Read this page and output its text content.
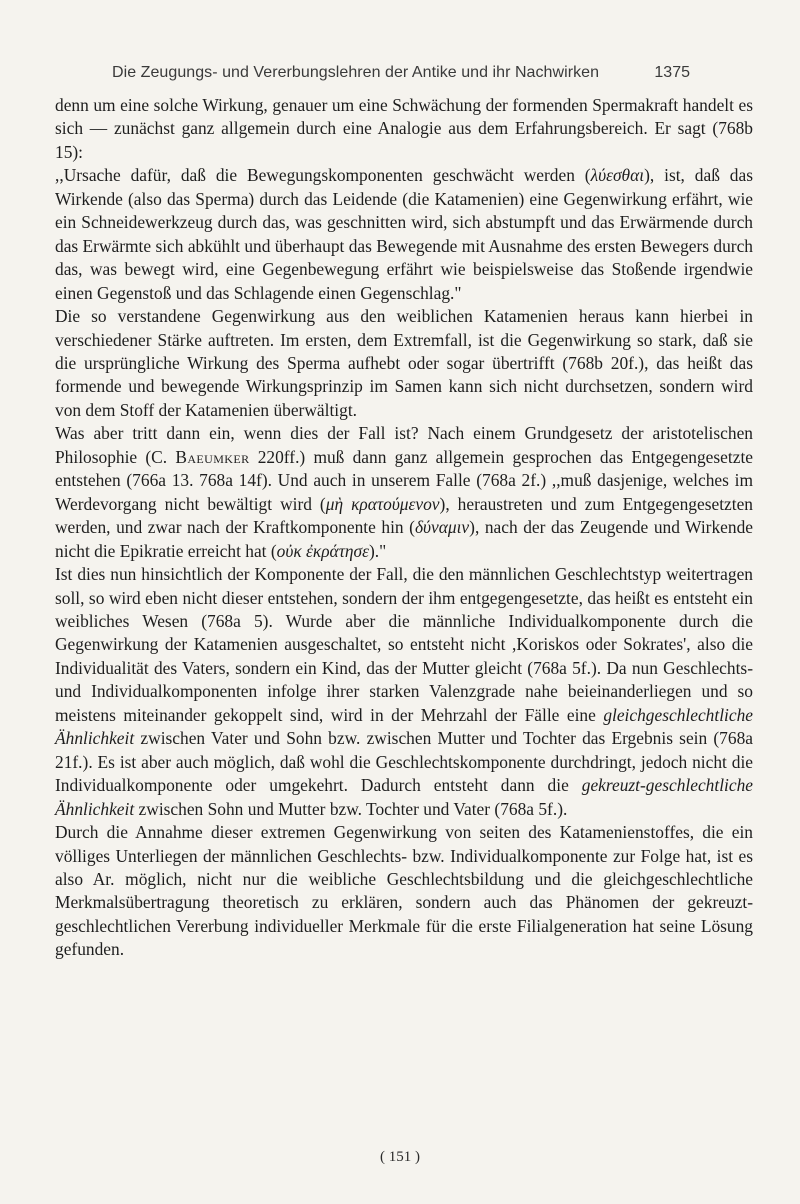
Die Zeugungs- und Vererbungslehren der Antike und ihr Nachwirken	1375

denn um eine solche Wirkung, genauer um eine Schwächung der formenden Spermakraft handelt es sich — zunächst ganz allgemein durch eine Analogie aus dem Erfahrungsbereich. Er sagt (768b 15):

,,Ursache dafür, daß die Bewegungskomponenten geschwächt werden (λύεσθαι), ist, daß das Wirkende (also das Sperma) durch das Leidende (die Katamenien) eine Gegenwirkung erfährt, wie ein Schneidewerkzeug durch das, was geschnitten wird, sich abstumpft und das Erwärmende durch das Erwärmte sich abkühlt und überhaupt das Bewegende mit Ausnahme des ersten Bewegers durch das, was bewegt wird, eine Gegenbewegung erfährt wie beispielsweise das Stoßende irgendwie einen Gegenstoß und das Schlagende einen Gegenschlag."

Die so verstandene Gegenwirkung aus den weiblichen Katamenien heraus kann hierbei in verschiedener Stärke auftreten. Im ersten, dem Extremfall, ist die Gegenwirkung so stark, daß sie die ursprüngliche Wirkung des Sperma aufhebt oder sogar übertrifft (768b 20f.), das heißt das formende und bewegende Wirkungsprinzip im Samen kann sich nicht durchsetzen, sondern wird von dem Stoff der Katamenien überwältigt.

Was aber tritt dann ein, wenn dies der Fall ist? Nach einem Grundgesetz der aristotelischen Philosophie (C. Baeumker 220ff.) muß dann ganz allgemein gesprochen das Entgegengesetzte entstehen (766a 13. 768a 14f). Und auch in unserem Falle (768a 2f.) ,,muß dasjenige, welches im Werdevorgang nicht bewältigt wird (μὴ κρατούμενον), heraustreten und zum Entgegengesetzten werden, und zwar nach der Kraftkomponente hin (δύναμιν), nach der das Zeugende und Wirkende nicht die Epikratie erreicht hat (οὐκ ἐκράτησε)."

Ist dies nun hinsichtlich der Komponente der Fall, die den männlichen Geschlechtstyp weitertragen soll, so wird eben nicht dieser entstehen, sondern der ihm entgegengesetzte, das heißt es entsteht ein weibliches Wesen (768a 5). Wurde aber die männliche Individualkomponente durch die Gegenwirkung der Katamenien ausgeschaltet, so entsteht nicht ,Koriskos oder Sokrates', also die Individualität des Vaters, sondern ein Kind, das der Mutter gleicht (768a 5f.). Da nun Geschlechts- und Individualkomponenten infolge ihrer starken Valenzgrade nahe beieinanderliegen und so meistens miteinander gekoppelt sind, wird in der Mehrzahl der Fälle eine gleichgeschlechtliche Ähnlichkeit zwischen Vater und Sohn bzw. zwischen Mutter und Tochter das Ergebnis sein (768a 21f.). Es ist aber auch möglich, daß wohl die Geschlechtskomponente durchdringt, jedoch nicht die Individualkomponente oder umgekehrt. Dadurch entsteht dann die gekreuzt-geschlechtliche Ähnlichkeit zwischen Sohn und Mutter bzw. Tochter und Vater (768a 5f.).

Durch die Annahme dieser extremen Gegenwirkung von seiten des Katamenienstoffes, die ein völliges Unterliegen der männlichen Geschlechts- bzw. Individualkomponente zur Folge hat, ist es also Ar. möglich, nicht nur die weibliche Geschlechtsbildung und die gleichgeschlechtliche Merkmalsübertragung theoretisch zu erklären, sondern auch das Phänomen der gekreuzt-geschlechtlichen Vererbung individueller Merkmale für die erste Filialgeneration hat seine Lösung gefunden.

( 151 )
